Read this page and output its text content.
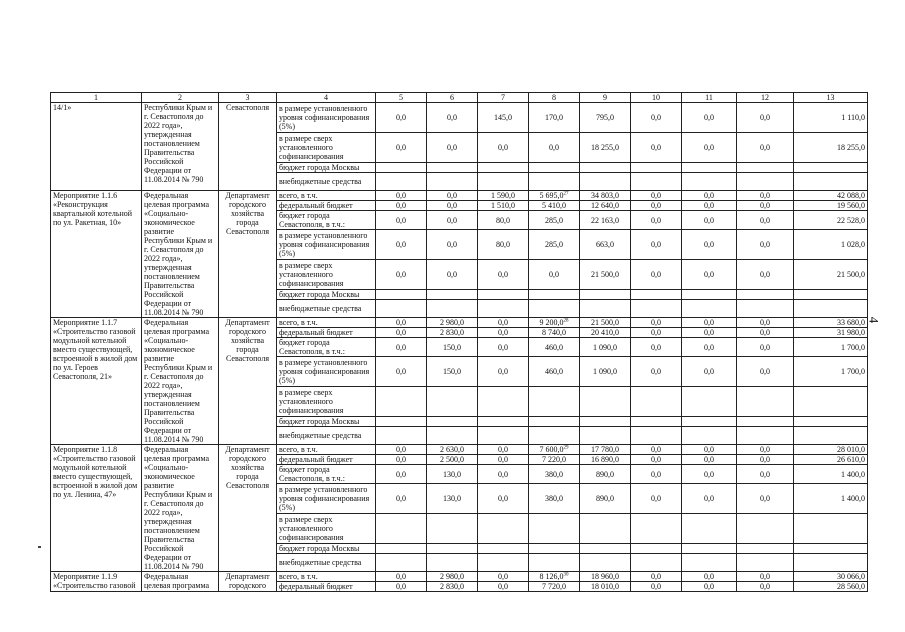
1	2	3	4	5	6	7	8	9	10	11	12	13
14/1»	Республики Крым и г. Севастополя до 2022 года», утвержденная постановлением Правительства Российской Федерации от 11.08.2014 № 790	Севастополя	в размере установленного уровня софинансирования (5%)	0,0	0,0	145,0	170,0	795,0	0,0	0,0	0,0	1 110,0
			в размере сверх установленного софинансирования	0,0	0,0	0,0	0,0	18 255,0	0,0	0,0	0,0	18 255,0
			бюджет города Москвы									
			внебюджетные средства									
Мероприятие 1.1.6 «Реконструкция квартальной котельной по ул. Ракетная, 10»	Федеральная целевая программа «Социально-экономическое развитие Республики Крым и г. Севастополя до 2022 года», утвержденная постановлением Правительства Российской Федерации от 11.08.2014 № 790	Департамент городского хозяйства города Севастополя	всего, в т.ч.	0,0	0,0	1 590,0	5 695,0$^{27}$	34 803,0	0,0	0,0	0,0	42 088,0
			федеральный бюджет	0,0	0,0	1 510,0	5 410,0	12 640,0	0,0	0,0	0,0	19 560,0
			бюджет города Севастополя, в т.ч.:	0,0	0,0	80,0	285,0	22 163,0	0,0	0,0	0,0	22 528,0
			в размере установленного уровня софинансирования (5%)	0,0	0,0	80,0	285,0	663,0	0,0	0,0	0,0	1 028,0
			в размере сверх установленного софинансирования	0,0	0,0	0,0	0,0	21 500,0	0,0	0,0	0,0	21 500,0
			бюджет города Москвы									
			внебюджетные средства									
Мероприятие 1.1.7 «Строительство газовой модульной котельной вместо существующей, встроенной в жилой дом по ул. Героев Севастополя, 21»	Федеральная целевая программа «Социально-экономическое развитие Республики Крым и г. Севастополя до 2022 года», утвержденная постановлением Правительства Российской Федерации от 11.08.2014 № 790	Департамент городского хозяйства города Севастополя	всего, в т.ч.	0,0	2 980,0	0,0	9 200,0$^{28}$	21 500,0	0,0	0,0	0,0	33 680,0
			федеральный бюджет	0,0	2 830,0	0,0	8 740,0	20 410,0	0,0	0,0	0,0	31 980,0
			бюджет города Севастополя, в т.ч.:	0,0	150,0	0,0	460,0	1 090,0	0,0	0,0	0,0	1 700,0
			в размере установленного уровня софинансирования (5%)	0,0	150,0	0,0	460,0	1 090,0	0,0	0,0	0,0	1 700,0
			в размере сверх установленного софинансирования									
			бюджет города Москвы									
			внебюджетные средства									
Мероприятие 1.1.8 «Строительство газовой модульной котельной вместо существующей, встроенной в жилой дом по ул. Ленина, 47»	Федеральная целевая программа «Социально-экономическое развитие Республики Крым и г. Севастополя до 2022 года», утвержденная постановлением Правительства Российской Федерации от 11.08.2014 № 790	Департамент городского хозяйства города Севастополя	всего, в т.ч.	0,0	2 630,0	0,0	7 600,0$^{29}$	17 780,0	0,0	0,0	0,0	28 010,0
			федеральный бюджет	0,0	2 500,0	0,0	7 220,0	16 890,0	0,0	0,0	0,0	26 610,0
			бюджет города Севастополя, в т.ч.:	0,0	130,0	0,0	380,0	890,0	0,0	0,0	0,0	1 400,0
			в размере установленного уровня софинансирования (5%)	0,0	130,0	0,0	380,0	890,0	0,0	0,0	0,0	1 400,0
			в размере сверх установленного софинансирования									
			бюджет города Москвы									
			внебюджетные средства									
Мероприятие 1.1.9 «Строительство газовой	Федеральная целевая программа	Департамент городского	всего, в т.ч.	0,0	2 980,0	0,0	8 126,0$^{30}$	18 960,0	0,0	0,0	0,0	30 066,0
			федеральный бюджет	0,0	2 830,0	0,0	7 720,0	18 010,0	0,0	0,0	0,0	28 560,0
4
